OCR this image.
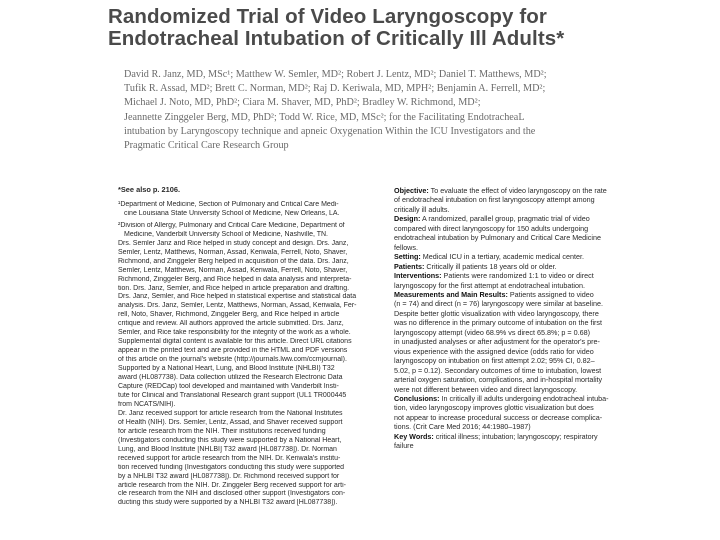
Randomized Trial of Video Laryngoscopy for
Endotracheal Intubation of Critically Ill Adults*
David R. Janz, MD, MSc¹; Matthew W. Semler, MD²; Robert J. Lentz, MD²; Daniel T. Matthews, MD²;
Tufik R. Assad, MD²; Brett C. Norman, MD²; Raj D. Keriwala, MD, MPH²; Benjamin A. Ferrell, MD²;
Michael J. Noto, MD, PhD²; Ciara M. Shaver, MD, PhD²; Bradley W. Richmond, MD²;
Jeannette Zinggeler Berg, MD, PhD²; Todd W. Rice, MD, MSc²; for the Facilitating EndotracheaL
intubation by Laryngoscopy technique and apneic Oxygenation Within the ICU Investigators and the
Pragmatic Critical Care Research Group
*See also p. 2106.
¹Department of Medicine, Section of Pulmonary and Critical Care Medi-
cine Louisiana State University School of Medicine, New Orleans, LA.
²Division of Allergy, Pulmonary and Critical Care Medicine, Department of
Medicine, Vanderbilt University School of Medicine, Nashville, TN.
Drs. Semler Janz and Rice helped in study concept and design. Drs. Janz,
Semler, Lentz, Matthews, Norman, Assad, Keriwala, Ferrell, Noto, Shaver,
Richmond, and Zinggeler Berg helped in acquisition of the data. Drs. Janz,
Semler, Lentz, Matthews, Norman, Assad, Keriwala, Ferrell, Noto, Shaver,
Richmond, Zinggeler Berg, and Rice helped in data analysis and interpreta-
tion. Drs. Janz, Semler, and Rice helped in article preparation and drafting.
Drs. Janz, Semler, and Rice helped in statistical expertise and statistical data
analysis. Drs. Janz, Semler, Lentz, Matthews, Norman, Assad, Keriwala, Fer-
rell, Noto, Shaver, Richmond, Zinggeler Berg, and Rice helped in article
critique and review. All authors approved the article submitted. Drs. Janz,
Semler, and Rice take responsibility for the integrity of the work as a whole.
Supplemental digital content is available for this article. Direct URL citations
appear in the printed text and are provided in the HTML and PDF versions
of this article on the journal's website (http://journals.lww.com/ccmjournal).
Supported by a National Heart, Lung, and Blood Institute (NHLBI) T32
award (HL087738). Data collection utilized the Research Electronic Data
Capture (REDCap) tool developed and maintained with Vanderbilt Insti-
tute for Clinical and Translational Research grant support (UL1 TR000445
from NCATS/NIH).
Dr. Janz received support for article research from the National Institutes
of Health (NIH). Drs. Semler, Lentz, Assad, and Shaver received support
for article research from the NIH. Their institutions received funding
(Investigators conducting this study were supported by a National Heart,
Lung, and Blood Institute [NHLBI] T32 award [HL087738]). Dr. Norman
received support for article research from the NIH. Dr. Keriwala's institu-
tion received funding (Investigators conducting this study were supported
by a NHLBI T32 award [HL087738]). Dr. Richmond received support for
article research from the NIH. Dr. Zinggeler Berg received support for arti-
cle research from the NIH and disclosed other support (Investigators con-
ducting this study were supported by a NHLBI T32 award [HL087738]).
Objective: To evaluate the effect of video laryngoscopy on the rate
of endotracheal intubation on first laryngoscopy attempt among
critically ill adults.
Design: A randomized, parallel group, pragmatic trial of video
compared with direct laryngoscopy for 150 adults undergoing
endotracheal intubation by Pulmonary and Critical Care Medicine
fellows.
Setting: Medical ICU in a tertiary, academic medical center.
Patients: Critically ill patients 18 years old or older.
Interventions: Patients were randomized 1:1 to video or direct
laryngoscopy for the first attempt at endotracheal intubation.
Measurements and Main Results: Patients assigned to video
(n = 74) and direct (n = 76) laryngoscopy were similar at baseline.
Despite better glottic visualization with video laryngoscopy, there
was no difference in the primary outcome of intubation on the first
laryngoscopy attempt (video 68.9% vs direct 65.8%; p = 0.68)
in unadjusted analyses or after adjustment for the operator's pre-
vious experience with the assigned device (odds ratio for video
laryngoscopy on intubation on first attempt 2.02; 95% CI, 0.82–
5.02, p = 0.12). Secondary outcomes of time to intubation, lowest
arterial oxygen saturation, complications, and in-hospital mortality
were not different between video and direct laryngoscopy.
Conclusions: In critically ill adults undergoing endotracheal intuba-
tion, video laryngoscopy improves glottic visualization but does
not appear to increase procedural success or decrease complica-
tions. (Crit Care Med 2016; 44:1980–1987)
Key Words: critical illness; intubation; laryngoscopy; respiratory
failure
